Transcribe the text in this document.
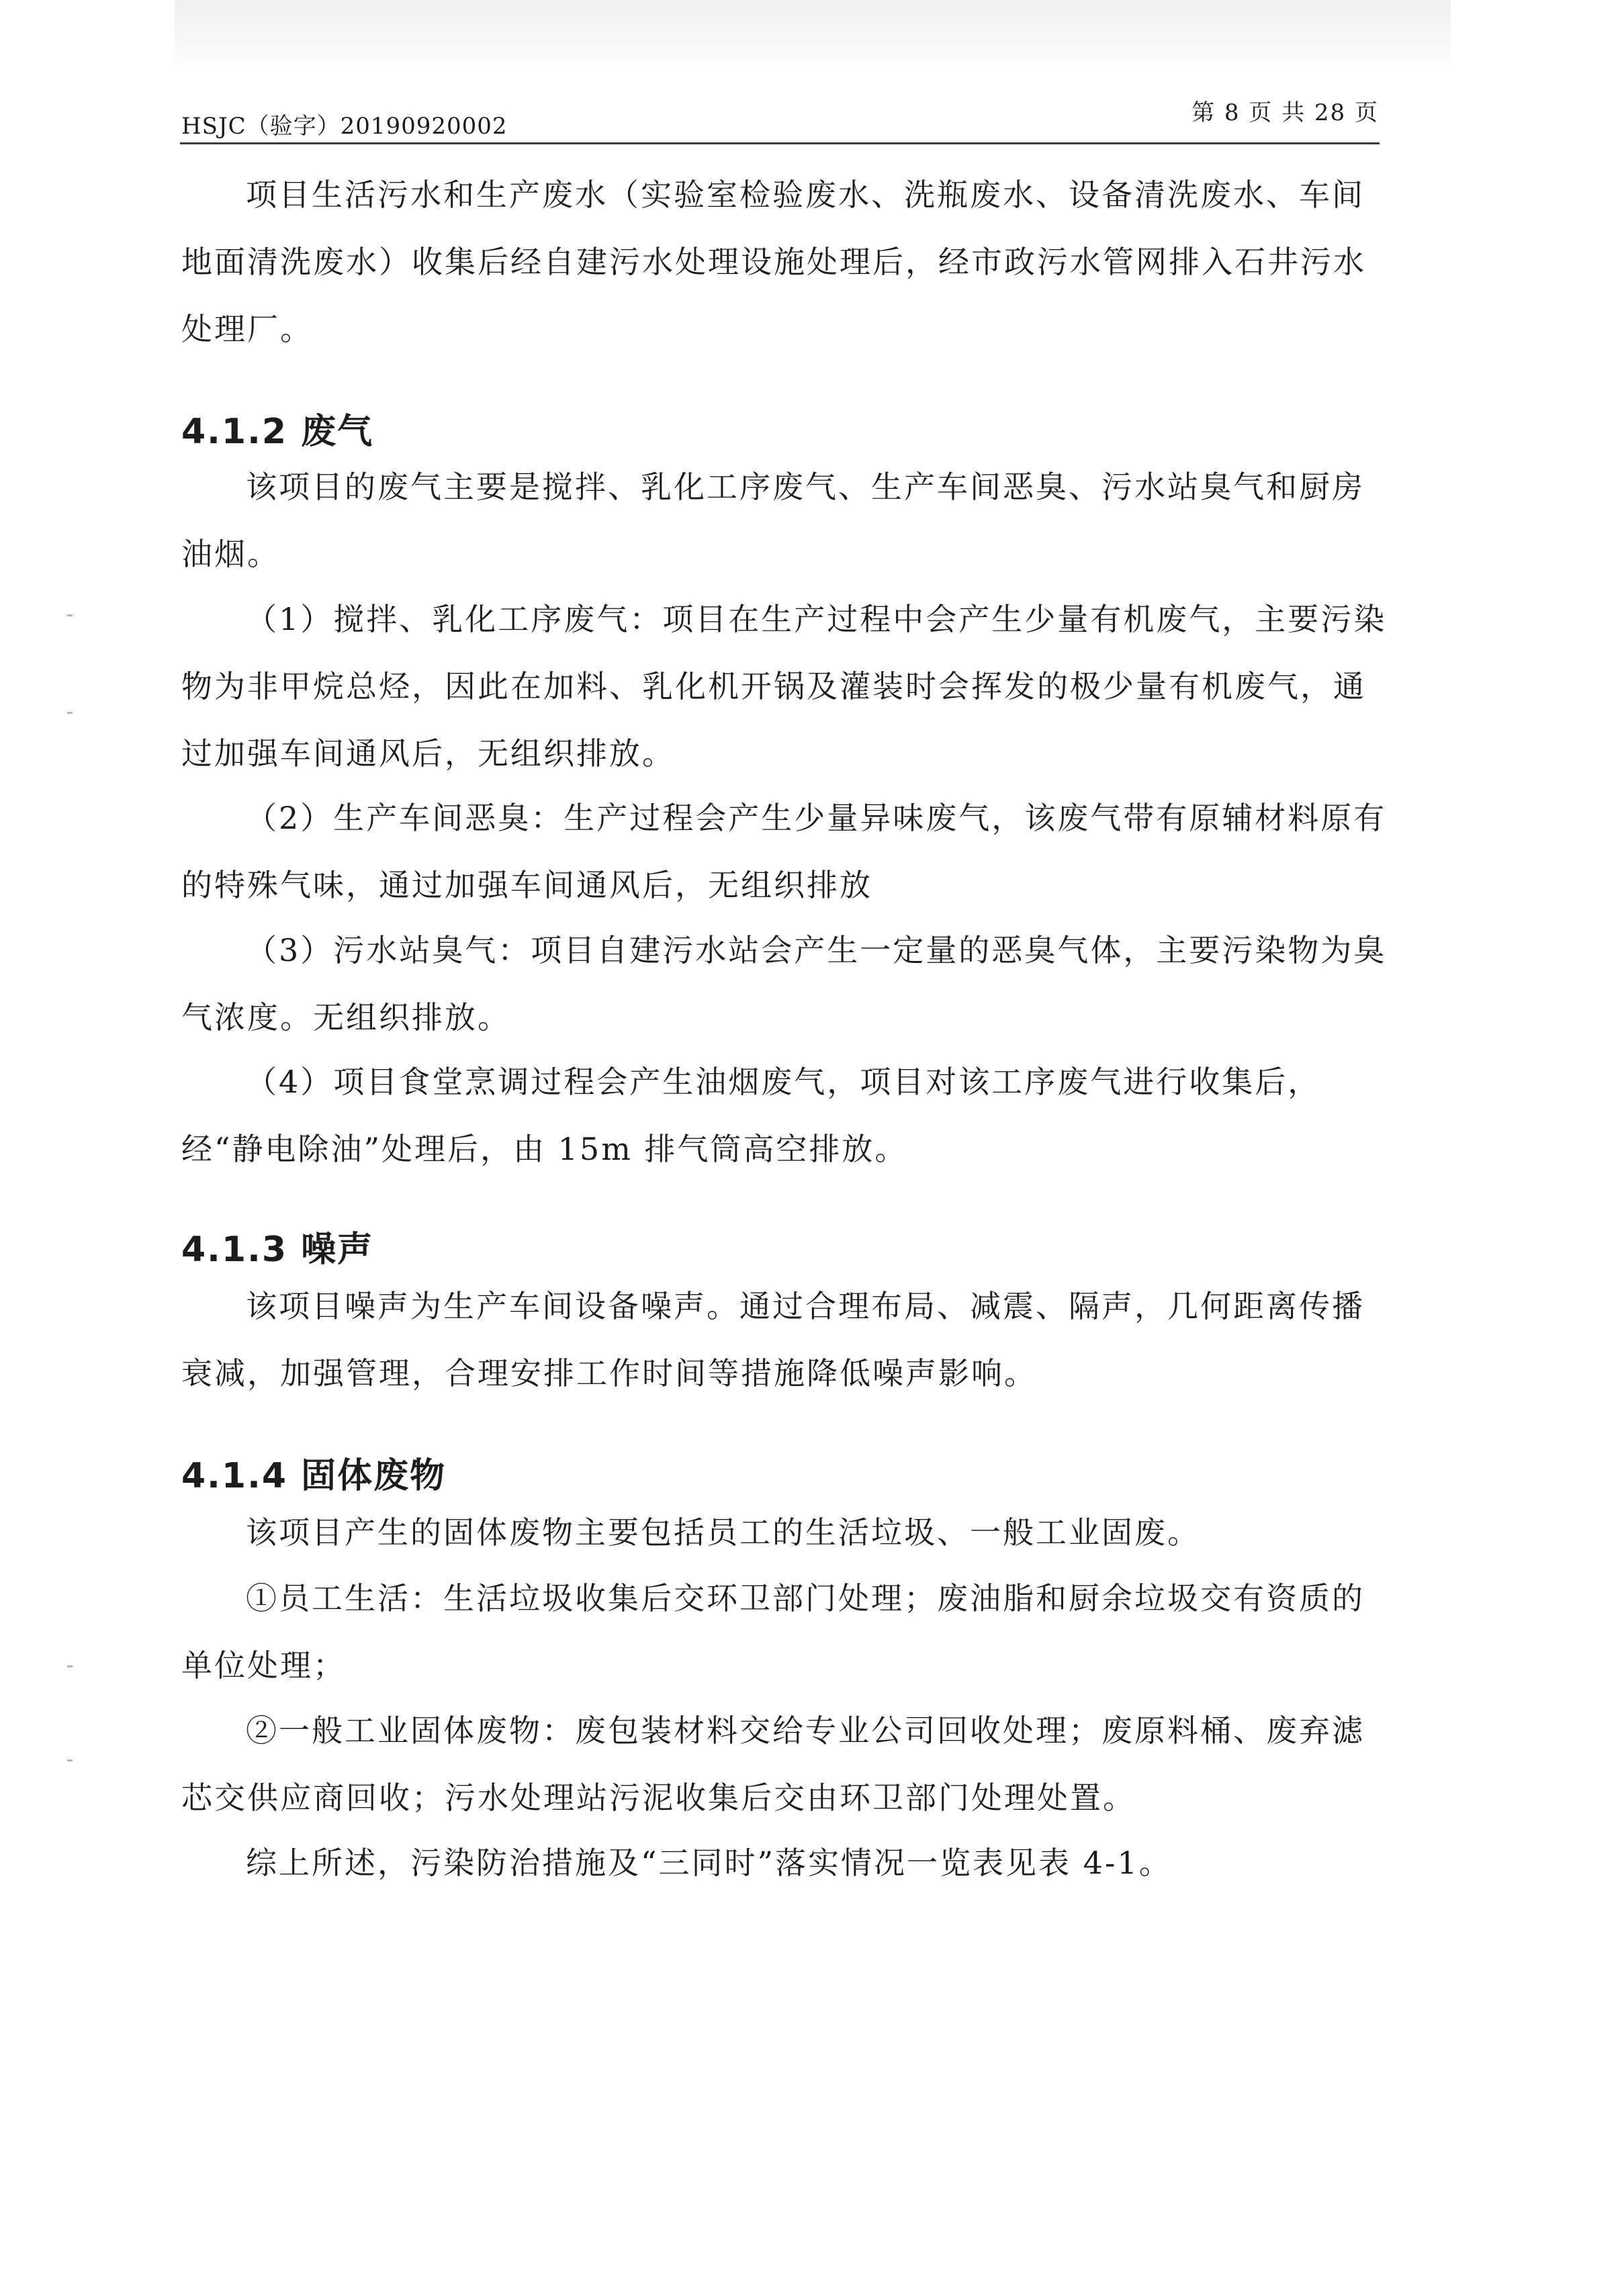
HSJC（验字）20190920002	第 8 页 共 28 页

项目生活污水和生产废水（实验室检验废水、洗瓶废水、设备清洗废水、车间地面清洗废水）收集后经自建污水处理设施处理后，经市政污水管网排入石井污水处理厂。

4.1.2 废气

该项目的废气主要是搅拌、乳化工序废气、生产车间恶臭、污水站臭气和厨房油烟。

（1）搅拌、乳化工序废气：项目在生产过程中会产生少量有机废气，主要污染物为非甲烷总烃，因此在加料、乳化机开锅及灌装时会挥发的极少量有机废气，通过加强车间通风后，无组织排放。

（2）生产车间恶臭：生产过程会产生少量异味废气，该废气带有原辅材料原有的特殊气味，通过加强车间通风后，无组织排放

（3）污水站臭气：项目自建污水站会产生一定量的恶臭气体，主要污染物为臭气浓度。无组织排放。

（4）项目食堂烹调过程会产生油烟废气，项目对该工序废气进行收集后，经“静电除油”处理后，由 15m 排气筒高空排放。

4.1.3 噪声

该项目噪声为生产车间设备噪声。通过合理布局、减震、隔声，几何距离传播衰减，加强管理，合理安排工作时间等措施降低噪声影响。

4.1.4 固体废物

该项目产生的固体废物主要包括员工的生活垃圾、一般工业固废。

①员工生活：生活垃圾收集后交环卫部门处理；废油脂和厨余垃圾交有资质的单位处理；

②一般工业固体废物：废包装材料交给专业公司回收处理；废原料桶、废弃滤芯交供应商回收；污水处理站污泥收集后交由环卫部门处理处置。

综上所述，污染防治措施及“三同时”落实情况一览表见表 4-1。
